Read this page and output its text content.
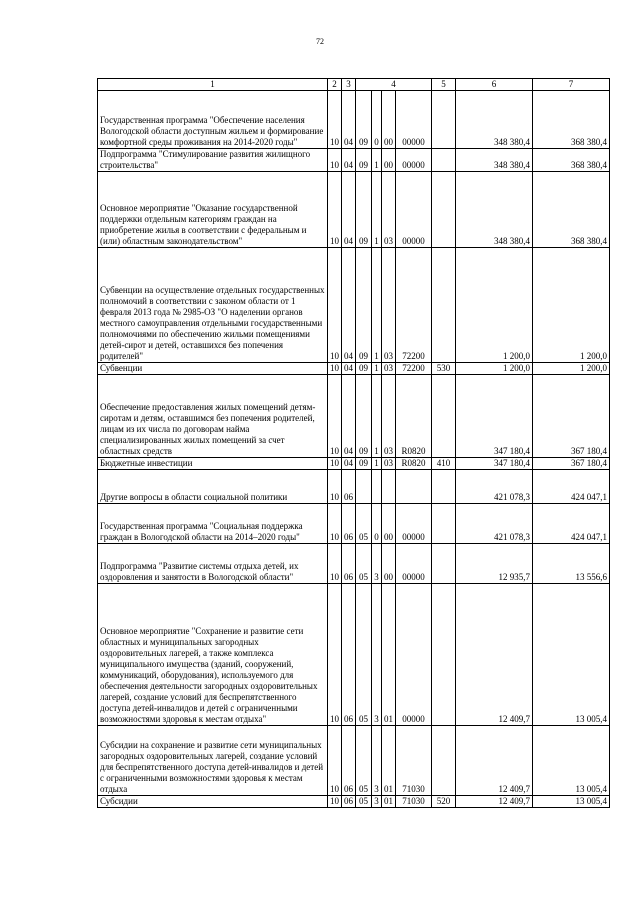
72
1	2	3	4				5	6	7
Государственная программа "Обеспечение населения Вологодской области доступным жильем и формирование комфортной среды проживания на 2014-2020 годы"	10	04	09	0	00	00000		348 380,4	368 380,4
Подпрограмма "Стимулирование развития жилищного строительства"	10	04	09	1	00	00000		348 380,4	368 380,4
Основное мероприятие "Оказание государственной поддержки отдельным категориям граждан на приобретение жилья в соответствии с федеральным и (или) областным законодательством"	10	04	09	1	03	00000		348 380,4	368 380,4
Субвенции на осуществление отдельных государственных полномочий в соответствии с законом области от 1 февраля 2013 года № 2985-ОЗ "О наделении органов местного самоуправления отдельными государственными полномочиями по обеспечению жильми помещениями детей-сирот и детей, оставшихся без попечения родителей"	10	04	09	1	03	72200		1 200,0	1 200,0
Субвенции	10	04	09	1	03	72200	530	1 200,0	1 200,0
Обеспечение предоставления жилых помещений детям-сиротам и детям, оставшимся без попечения родителей, лицам из их числа по договорам найма специализированных жилых помещений за счет областных средств	10	04	09	1	03	R0820		347 180,4	367 180,4
Бюджетные инвестиции	10	04	09	1	03	R0820	410	347 180,4	367 180,4
Другие вопросы в области социальной политики	10	06						421 078,3	424 047,1
Государственная программа "Социальная поддержка граждан в Вологодской области на 2014–2020 годы"	10	06	05	0	00	00000		421 078,3	424 047,1
Подпрограмма "Развитие системы отдыха детей, их оздоровления и занятости в Вологодской области"	10	06	05	3	00	00000		12 935,7	13 556,6
Основное мероприятие "Сохранение и развитие сети областных и муниципальных загородных оздоровительных лагерей, а также комплекса муниципального имущества (зданий, сооружений, коммуникаций, оборудования), используемого для обеспечения деятельности загородных оздоровительных лагерей, создание условий для беспрепятственного доступа детей-инвалидов и детей с ограниченными возможностями здоровья к местам отдыха"	10	06	05	3	01	00000		12 409,7	13 005,4
Субсидии на сохранение и развитие сети муниципальных загородных оздоровительных лагерей, создание условий для беспрепятственного доступа детей-инвалидов и детей с ограниченными возможностями здоровья к местам отдыха	10	06	05	3	01	71030		12 409,7	13 005,4
Субсидии	10	06	05	3	01	71030	520	12 409,7	13 005,4
